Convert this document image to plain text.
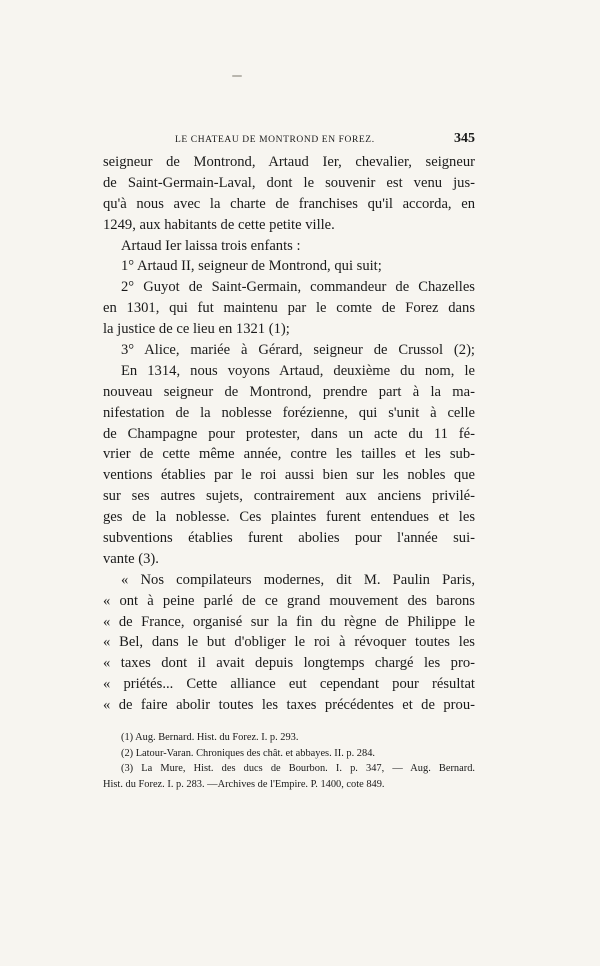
LE CHATEAU DE MONTROND EN FOREZ.	345
seigneur de Montrond, Artaud Ier, chevalier, seigneur
de Saint-Germain-Laval, dont le souvenir est venu jus-
qu'à nous avec la charte de franchises qu'il accorda, en
1249, aux habitants de cette petite ville.
Artaud Ier laissa trois enfants :
1° Artaud II, seigneur de Montrond, qui suit;
2° Guyot de Saint-Germain, commandeur de Chazelles
en 1301, qui fut maintenu par le comte de Forez dans
la justice de ce lieu en 1321 (1);
3° Alice, mariée à Gérard, seigneur de Crussol (2);
En 1314, nous voyons Artaud, deuxième du nom, le
nouveau seigneur de Montrond, prendre part à la ma-
nifestation de la noblesse forézienne, qui s'unit à celle
de Champagne pour protester, dans un acte du 11 fé-
vrier de cette même année, contre les tailles et les sub-
ventions établies par le roi aussi bien sur les nobles que
sur ses autres sujets, contrairement aux anciens privilé-
ges de la noblesse. Ces plaintes furent entendues et les
subventions établies furent abolies pour l'année sui-
vante (3).
« Nos compilateurs modernes, dit M. Paulin Paris,
« ont à peine parlé de ce grand mouvement des barons
« de France, organisé sur la fin du règne de Philippe le
« Bel, dans le but d'obliger le roi à révoquer toutes les
« taxes dont il avait depuis longtemps chargé les pro-
« priétés... Cette alliance eut cependant pour résultat
« de faire abolir toutes les taxes précédentes et de prou-
(1) Aug. Bernard. Hist. du Forez. I. p. 293.
(2) Latour-Varan. Chroniques des chât. et abbayes. II. p. 284.
(3) La Mure, Hist. des ducs de Bourbon. I. p. 347, — Aug. Bernard.
Hist. du Forez. I. p. 283. —Archives de l'Empire. P. 1400, cote 849.
